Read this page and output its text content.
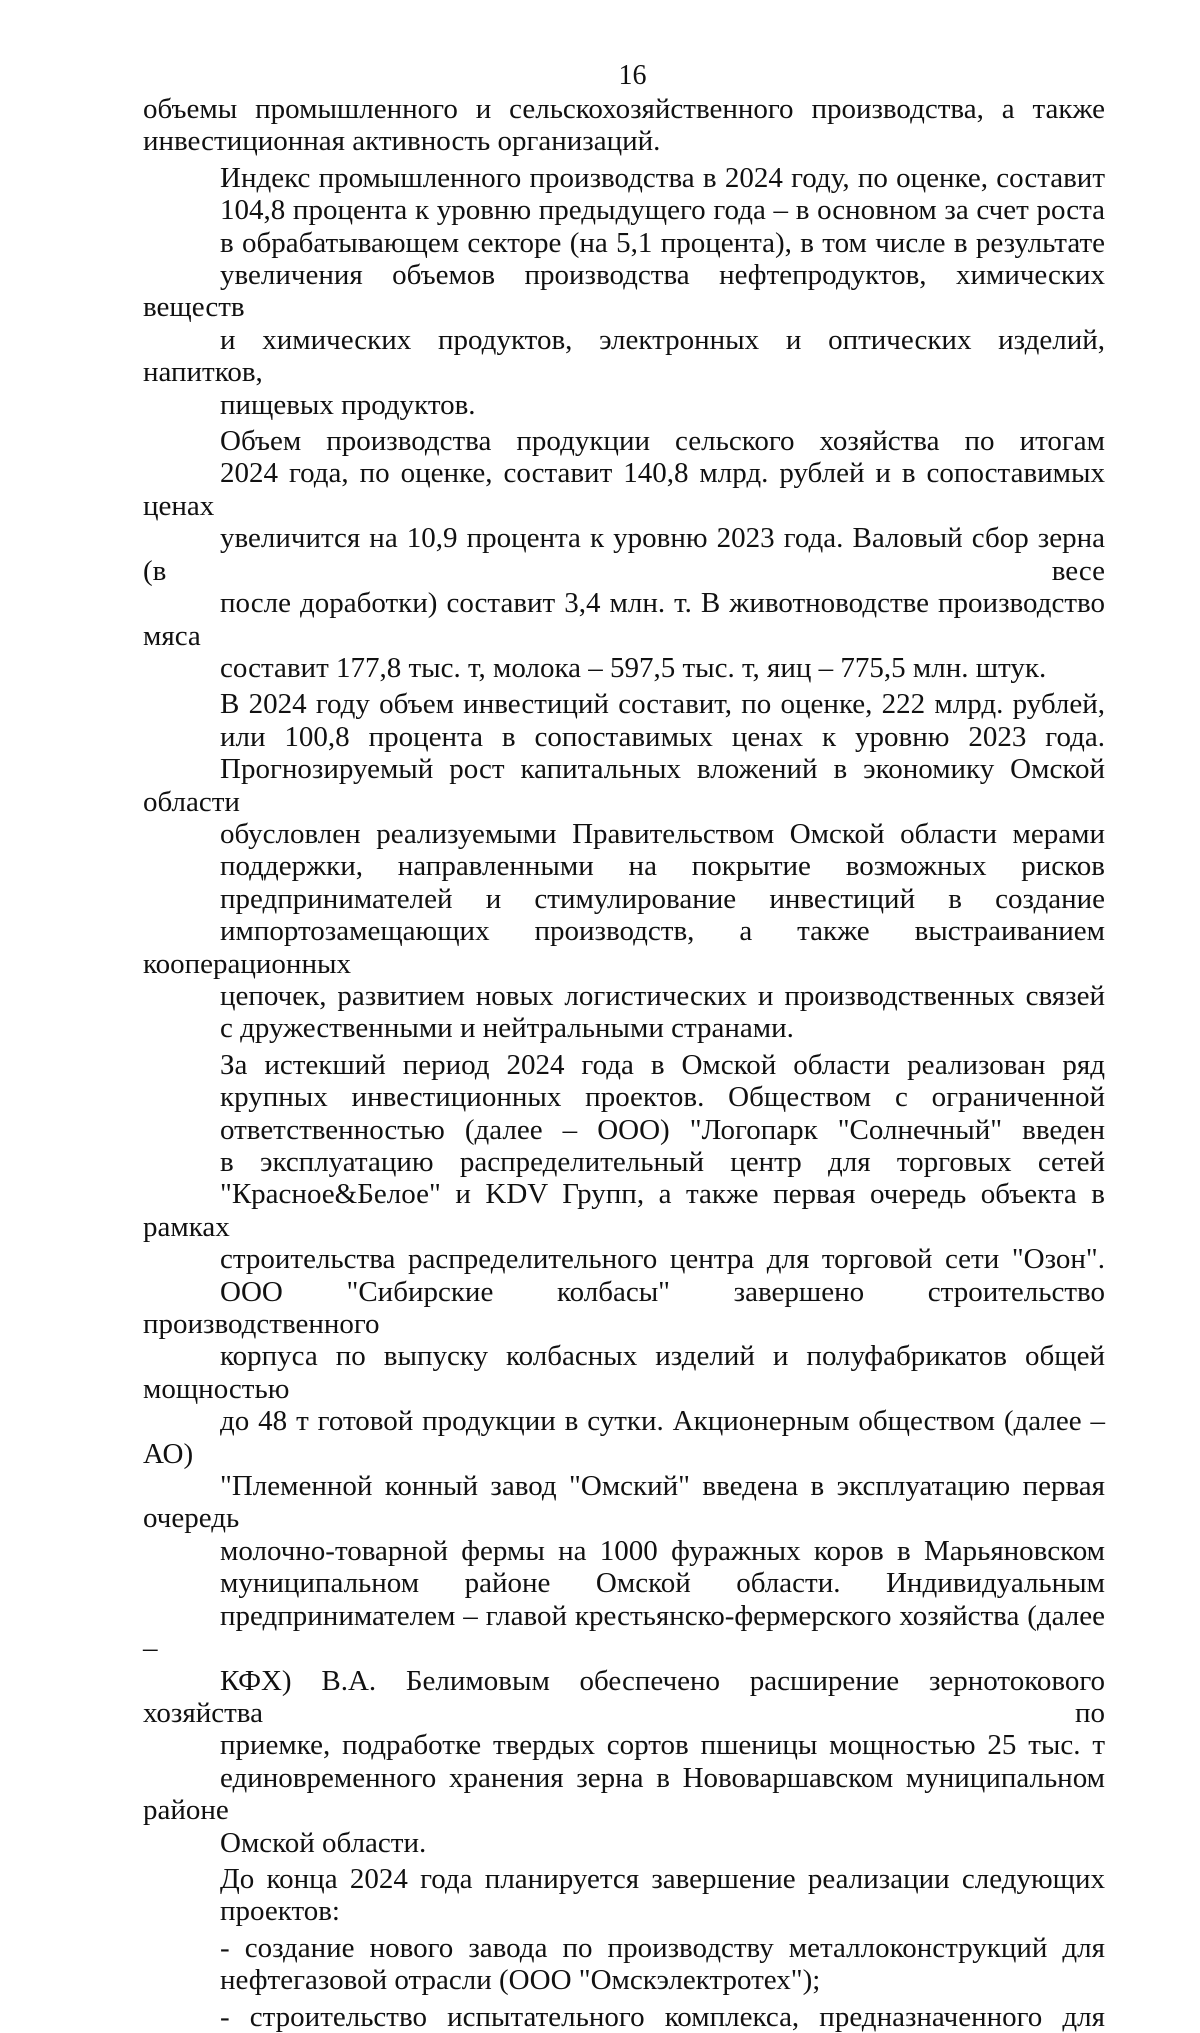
16
объемы промышленного и сельскохозяйственного производства, а также
инвестиционная активность организаций.
Индекс промышленного производства в 2024 году, по оценке, составит
104,8 процента к уровню предыдущего года – в основном за счет роста
в обрабатывающем секторе (на 5,1 процента), в том числе в результате
увеличения объемов производства нефтепродуктов, химических веществ
и химических продуктов, электронных и оптических изделий, напитков,
пищевых продуктов.
Объем производства продукции сельского хозяйства по итогам
2024 года, по оценке, составит 140,8 млрд. рублей и в сопоставимых ценах
увеличится на 10,9 процента к уровню 2023 года. Валовый сбор зерна (в весе
после доработки) составит 3,4 млн. т. В животноводстве производство мяса
составит 177,8 тыс. т, молока – 597,5 тыс. т, яиц – 775,5 млн. штук.
В 2024 году объем инвестиций составит, по оценке, 222 млрд. рублей,
или 100,8 процента в сопоставимых ценах к уровню 2023 года.
Прогнозируемый рост капитальных вложений в экономику Омской области
обусловлен реализуемыми Правительством Омской области мерами
поддержки, направленными на покрытие возможных рисков
предпринимателей и стимулирование инвестиций в создание
импортозамещающих производств, а также выстраиванием кооперационных
цепочек, развитием новых логистических и производственных связей
с дружественными и нейтральными странами.
За истекший период 2024 года в Омской области реализован ряд
крупных инвестиционных проектов. Обществом с ограниченной
ответственностью (далее – ООО) "Логопарк "Солнечный" введен
в эксплуатацию распределительный центр для торговых сетей
"Красное&Белое" и KDV Групп, а также первая очередь объекта в рамках
строительства распределительного центра для торговой сети "Озон".
ООО "Сибирские колбасы" завершено строительство производственного
корпуса по выпуску колбасных изделий и полуфабрикатов общей мощностью
до 48 т готовой продукции в сутки. Акционерным обществом (далее – АО)
"Племенной конный завод "Омский" введена в эксплуатацию первая очередь
молочно-товарной фермы на 1000 фуражных коров в Марьяновском
муниципальном районе Омской области. Индивидуальным
предпринимателем – главой крестьянско-фермерского хозяйства (далее –
КФХ) В.А. Белимовым обеспечено расширение зернотокового хозяйства по
приемке, подработке твердых сортов пшеницы мощностью 25 тыс. т
единовременного хранения зерна в Нововаршавском муниципальном районе
Омской области.
До конца 2024 года планируется завершение реализации следующих
проектов:
- создание нового завода по производству металлоконструкций для
нефтегазовой отрасли (ООО "Омскэлектротех");
- строительство испытательного комплекса, предназначенного для
